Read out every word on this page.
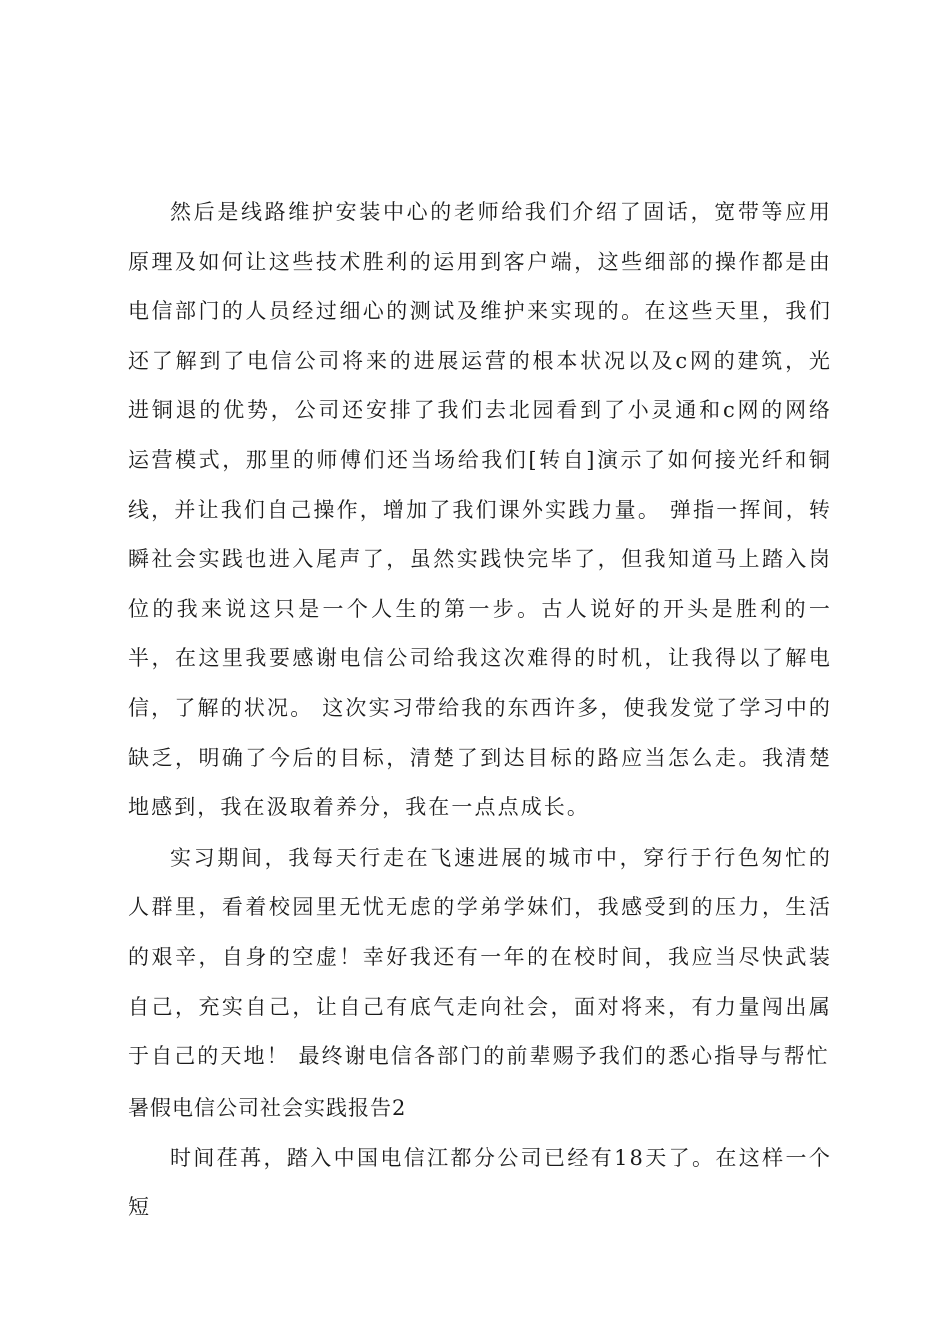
然后是线路维护安装中心的老师给我们介绍了固话，宽带等应用原理及如何让这些技术胜利的运用到客户端，这些细部的操作都是由电信部门的人员经过细心的测试及维护来实现的。在这些天里，我们还了解到了电信公司将来的进展运营的根本状况以及c网的建筑，光进铜退的优势，公司还安排了我们去北园看到了小灵通和c网的网络运营模式，那里的师傅们还当场给我们[转自]演示了如何接光纤和铜线，并让我们自己操作，增加了我们课外实践力量。 弹指一挥间，转瞬社会实践也进入尾声了，虽然实践快完毕了，但我知道马上踏入岗位的我来说这只是一个人生的第一步。古人说好的开头是胜利的一半，在这里我要感谢电信公司给我这次难得的时机，让我得以了解电信，了解的状况。 这次实习带给我的东西许多，使我发觉了学习中的缺乏，明确了今后的目标，清楚了到达目标的路应当怎么走。我清楚地感到，我在汲取着养分，我在一点点成长。

实习期间，我每天行走在飞速进展的城市中，穿行于行色匆忙的人群里，看着校园里无忧无虑的学弟学妹们，我感受到的压力，生活的艰辛，自身的空虚！幸好我还有一年的在校时间，我应当尽快武装自己，充实自己，让自己有底气走向社会，面对将来，有力量闯出属于自己的天地！ 最终谢电信各部门的前辈赐予我们的悉心指导与帮忙

暑假电信公司社会实践报告2

时间荏苒，踏入中国电信江都分公司已经有18天了。在这样一个短
